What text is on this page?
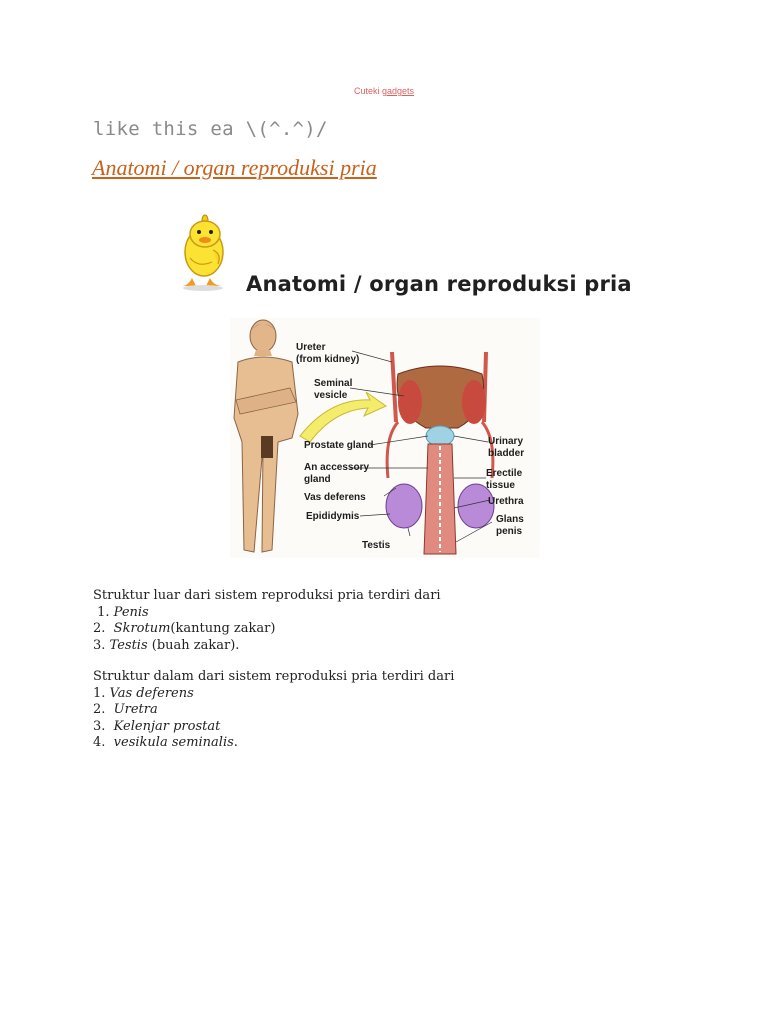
Cuteki gadgets
like this ea \(^.^)/
Anatomi / organ reproduksi pria
Anatomi / organ reproduksi pria
Ureter
(from kidney)
Seminal
vesicle
Prostate gland
An accessory
gland
Vas deferens
Epididymis
Testis
Urinary
bladder
Erectile
tissue
Urethra
Glans
penis
Struktur luar dari sistem reproduksi pria terdiri dari
1. Penis
2.  Skrotum(kantung zakar)
3. Testis (buah zakar).
Struktur dalam dari sistem reproduksi pria terdiri dari
1. Vas deferens
2.  Uretra
3.  Kelenjar prostat
4.  vesikula seminalis.
